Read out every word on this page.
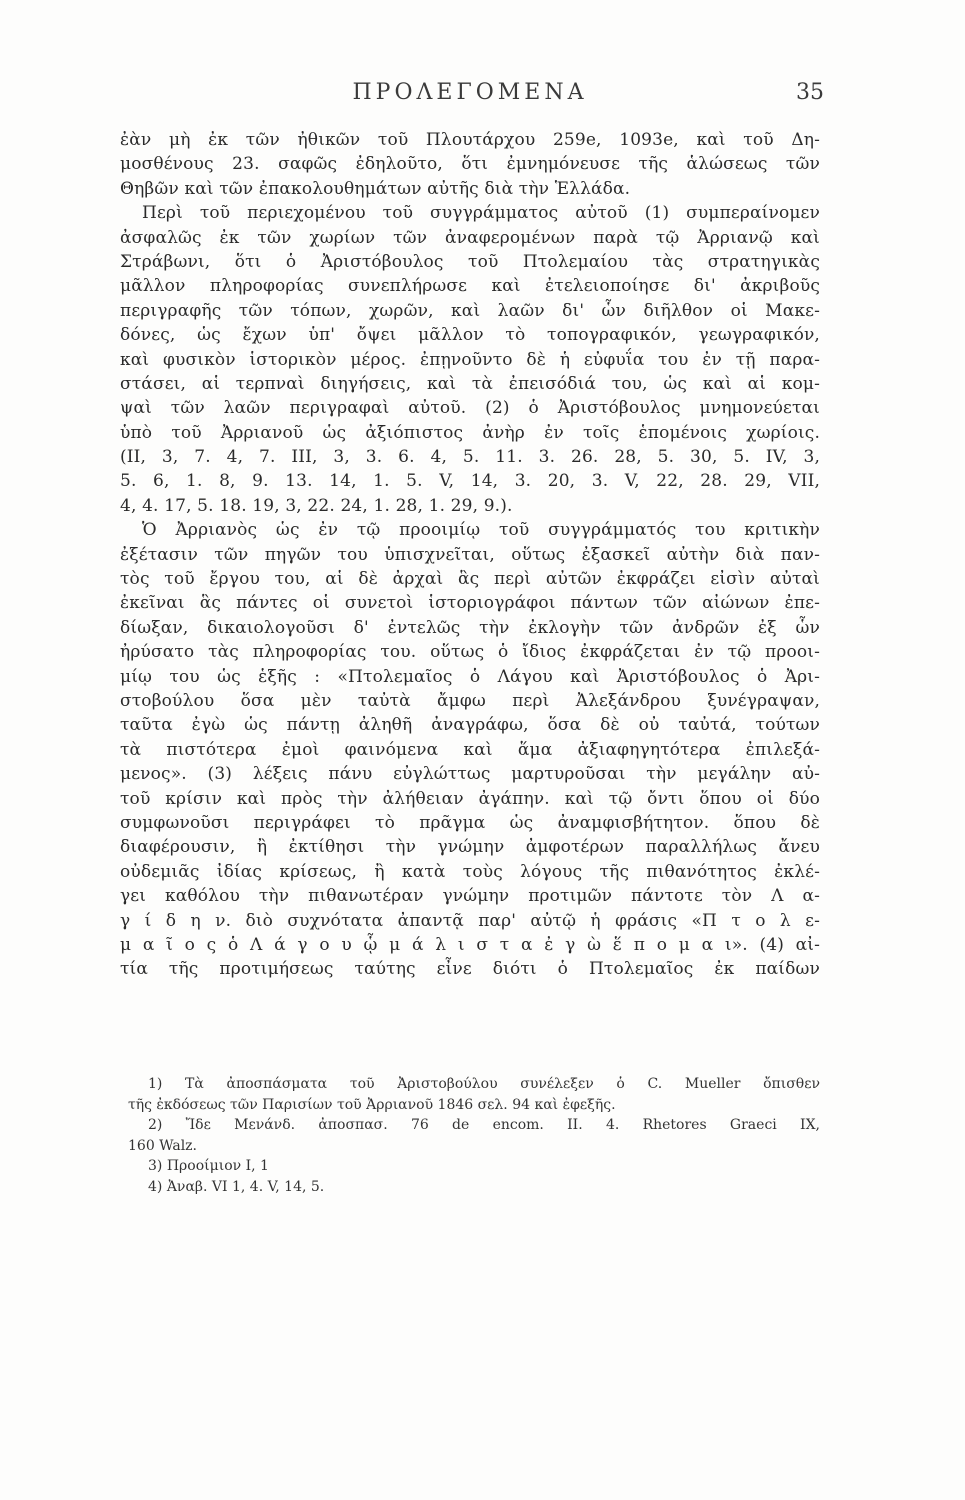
ΠΡΟΛΕΓΟΜΕΝΑ	35
ἐὰν μὴ ἐκ τῶν ἠθικῶν τοῦ Πλουτάρχου 259e, 1093e, καὶ τοῦ Δη-
μοσθένους 23. σαφῶς ἐδηλοῦτο, ὅτι ἐμνημόνευσε τῆς ἁλώσεως τῶν
Θηβῶν καὶ τῶν ἐπακολουθημάτων αὐτῆς διὰ τὴν Ἑλλάδα.
Περὶ τοῦ περιεχομένου τοῦ συγγράμματος αὐτοῦ (1) συμπεραίνομεν
ἀσφαλῶς ἐκ τῶν χωρίων τῶν ἀναφερομένων παρὰ τῷ Ἀρριανῷ καὶ
Στράβωνι, ὅτι ὁ Ἀριστόβουλος τοῦ Πτολεμαίου τὰς στρατηγικὰς
μᾶλλον πληροφορίας συνεπλήρωσε καὶ ἐτελειοποίησε δι' ἀκριβοῦς
περιγραφῆς τῶν τόπων, χωρῶν, καὶ λαῶν δι' ὧν διῆλθον οἱ Μακε-
δόνες, ὡς ἔχων ὑπ' ὄψει μᾶλλον τὸ τοπογραφικόν, γεωγραφικόν,
καὶ φυσικὸν ἱστορικὸν μέρος. ἐπῃνοῦντο δὲ ἡ εὐφυΐα του ἐν τῇ παρα-
στάσει, αἱ τερπναὶ διηγήσεις, καὶ τὰ ἐπεισόδιά του, ὡς καὶ αἱ κομ-
ψαὶ τῶν λαῶν περιγραφαὶ αὐτοῦ. (2) ὁ Ἀριστόβουλος μνημονεύεται
ὑπὸ τοῦ Ἀρριανοῦ ὡς ἀξιόπιστος ἀνὴρ ἐν τοῖς ἑπομένοις χωρίοις.
(II, 3, 7. 4, 7. III, 3, 3. 6. 4, 5. 11. 3. 26. 28, 5. 30, 5. IV, 3,
5. 6, 1. 8, 9. 13. 14, 1. 5. V, 14, 3. 20, 3. V, 22, 28. 29, VII,
4, 4. 17, 5. 18. 19, 3, 22. 24, 1. 28, 1. 29, 9.).
Ὁ Ἀρριανὸς ὡς ἐν τῷ προοιμίῳ τοῦ συγγράμματός του κριτικὴν
ἐξέτασιν τῶν πηγῶν του ὑπισχνεῖται, οὕτως ἐξασκεῖ αὐτὴν διὰ παν-
τὸς τοῦ ἔργου του, αἱ δὲ ἀρχαὶ ἃς περὶ αὐτῶν ἐκφράζει εἰσὶν αὐταὶ
ἐκεῖναι ἃς πάντες οἱ συνετοὶ ἱστοριογράφοι πάντων τῶν αἰώνων ἐπε-
δίωξαν, δικαιολογοῦσι δ' ἐντελῶς τὴν ἐκλογὴν τῶν ἀνδρῶν ἐξ ὧν
ἠρύσατο τὰς πληροφορίας του. οὕτως ὁ ἴδιος ἐκφράζεται ἐν τῷ προοι-
μίῳ του ὡς ἑξῆς : «Πτολεμαῖος ὁ Λάγου καὶ Ἀριστόβουλος ὁ Ἀρι-
στοβούλου ὅσα μὲν ταὐτὰ ἄμφω περὶ Ἀλεξάνδρου ξυνέγραψαν,
ταῦτα ἐγὼ ὡς πάντῃ ἀληθῆ ἀναγράφω, ὅσα δὲ οὐ ταὐτά, τούτων
τὰ πιστότερα ἐμοὶ φαινόμενα καὶ ἅμα ἀξιαφηγητότερα ἐπιλεξά-
μενος». (3) λέξεις πάνυ εὐγλώττως μαρτυροῦσαι τὴν μεγάλην αὐ-
τοῦ κρίσιν καὶ πρὸς τὴν ἀλήθειαν ἀγάπην. καὶ τῷ ὄντι ὅπου οἱ δύο
συμφωνοῦσι περιγράφει τὸ πρᾶγμα ὡς ἀναμφισβήτητον. ὅπου δὲ
διαφέρουσιν, ἢ ἐκτίθησι τὴν γνώμην ἀμφοτέρων παραλλήλως ἄνευ
οὐδεμιᾶς ἰδίας κρίσεως, ἢ κατὰ τοὺς λόγους τῆς πιθανότητος ἐκλέ-
γει καθόλου τὴν πιθανωτέραν γνώμην προτιμῶν πάντοτε τὸν Λ α-
γ ί δ η ν. διὸ συχνότατα ἀπαντᾷ παρ' αὐτῷ ἡ φράσις «Π τ ο λ ε-
μ α ῖ ο ς ὁ Λ ά γ ο υ ᾧ μ ά λ ι σ τ α ἐ γ ὼ ἕ π ο μ α ι». (4) αἰ-
τία τῆς προτιμήσεως ταύτης εἶνε διότι ὁ Πτολεμαῖος ἐκ παίδων
1) Τὰ ἀποσπάσματα τοῦ Ἀριστοβούλου συνέλεξεν ὁ C. Mueller ὄπισθεν
τῆς ἐκδόσεως τῶν Παρισίων τοῦ Ἀρριανοῦ 1846 σελ. 94 καὶ ἐφεξῆς.
2) Ἴδε Μενάνδ. ἀποσπασ. 76 de encom. II. 4. Rhetores Graeci IX,
160 Walz.
3) Προοίμιον I, 1
4) Ἀναβ. VI 1, 4. V, 14, 5.
